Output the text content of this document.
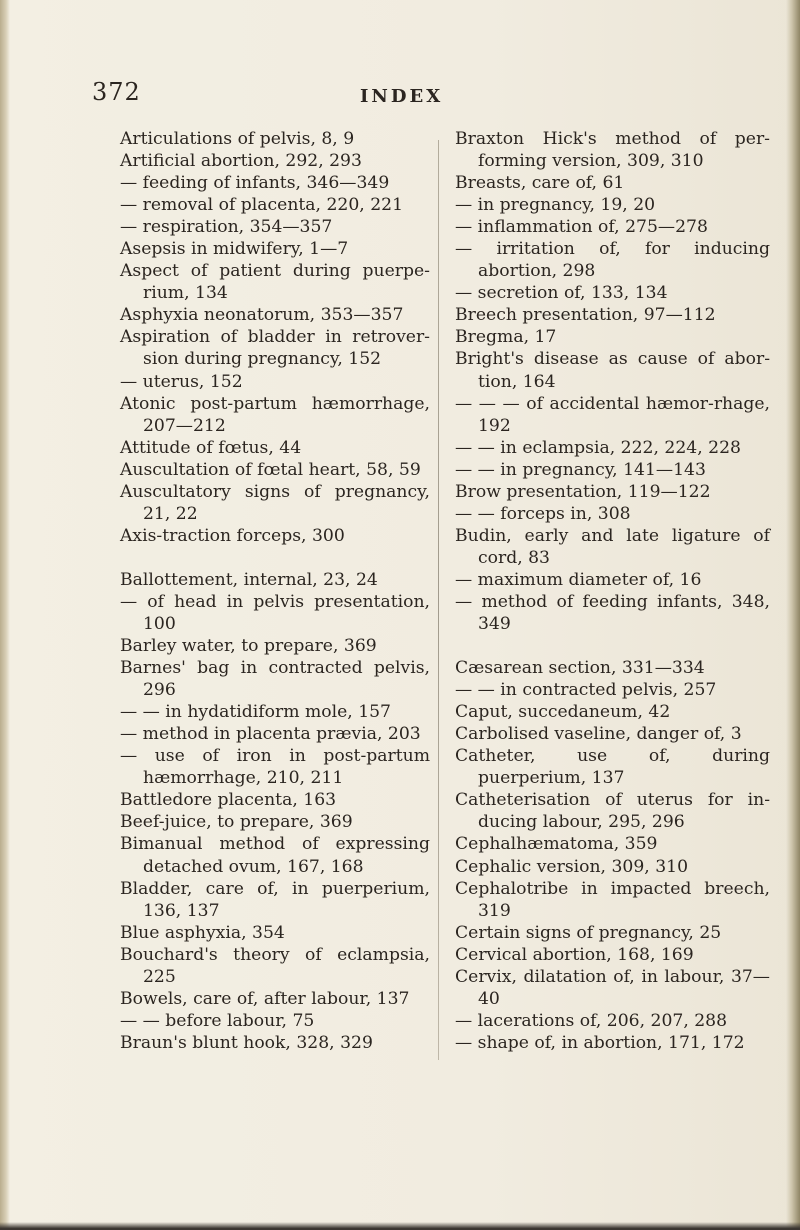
372	INDEX

Articulations of pelvis, 8, 9

Artificial abortion, 292, 293

— feeding of infants, 346—349

— removal of placenta, 220, 221

— respiration, 354—357

Asepsis in midwifery, 1—7

Aspect of patient during puerpe-rium, 134

Asphyxia neonatorum, 353—357

Aspiration of bladder in retrover-sion during pregnancy, 152

— uterus, 152

Atonic post-partum hæmorrhage, 207—212

Attitude of fœtus, 44

Auscultation of fœtal heart, 58, 59

Auscultatory signs of pregnancy, 21, 22

Axis-traction forceps, 300

Ballottement, internal, 23, 24

— of head in pelvis presentation, 100

Barley water, to prepare, 369

Barnes' bag in contracted pelvis, 296

— — in hydatidiform mole, 157

— method in placenta prævia, 203

— use of iron in post-partum hæmorrhage, 210, 211

Battledore placenta, 163

Beef-juice, to prepare, 369

Bimanual method of expressing detached ovum, 167, 168

Bladder, care of, in puerperium, 136, 137

Blue asphyxia, 354

Bouchard's theory of eclampsia, 225

Bowels, care of, after labour, 137

— — before labour, 75

Braun's blunt hook, 328, 329

Braxton Hick's method of per-forming version, 309, 310

Breasts, care of, 61

— in pregnancy, 19, 20

— inflammation of, 275—278

— irritation of, for inducing abortion, 298

— secretion of, 133, 134

Breech presentation, 97—112

Bregma, 17

Bright's disease as cause of abor-tion, 164

— — — of accidental hæmor-rhage, 192

— — in eclampsia, 222, 224, 228

— — in pregnancy, 141—143

Brow presentation, 119—122

— — forceps in, 308

Budin, early and late ligature of cord, 83

— maximum diameter of, 16

— method of feeding infants, 348, 349

Cæsarean section, 331—334

— — in contracted pelvis, 257

Caput, succedaneum, 42

Carbolised vaseline, danger of, 3

Catheter, use of, during puerperium, 137

Catheterisation of uterus for in-ducing labour, 295, 296

Cephalhæmatoma, 359

Cephalic version, 309, 310

Cephalotribe in impacted breech, 319

Certain signs of pregnancy, 25

Cervical abortion, 168, 169

Cervix, dilatation of, in labour, 37—40

— lacerations of, 206, 207, 288

— shape of, in abortion, 171, 172
